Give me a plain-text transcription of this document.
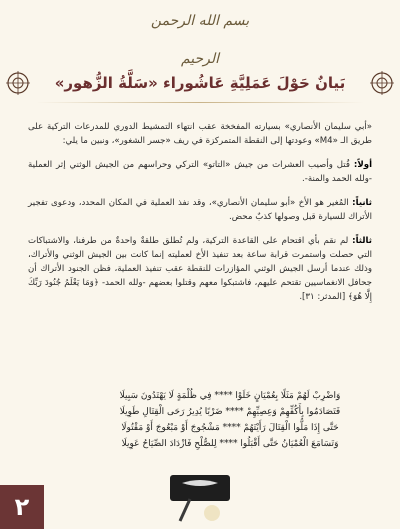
بسم الله الرحمن الرحيم
بَيانٌ حَوْلَ عَمَلِيَّةِ عَاشُوراء «سَلَّةُ الزُّهور»

«أبي سليمان الأنصاري» بسيارته المفخخة عقب انتهاء التمشيط الدوري للمدرعات التركية على طريق الـ «M4» وعودتها إلى النقطة المتمركزة في ريف «جسر الشغور»، ونبين ما يلي:

أولاً: قُتل وأصيب العشرات من جيش «التاتو» التركي وحراسهم من الجيش الوثني إثر العملية -ولله الحمد والمنة-.

ثانياً: المُغير هو الأخ «أبو سليمان الأنصاري»، وقد نفذ العملية في المكان المحدد، ودعوى تفجير الأتراك للسيارة قبل وصولها كذبٌ محض.

ثالثاً: لم نقم بأي اقتحام على القاعدة التركية، ولم تُطلق طلقةٌ واحدةٌ من طرفنا، والاشتباكات التي حصلت واستمرت قرابة ساعة بعد تنفيذ الأخ لعمليته إنما كانت بين الجيش الوثني والأتراك، وذلك عندما أرسل الجيش الوثني المؤازرات للنقطة عقب تنفيذ العملية، فظن الجنود الأتراك أن جحافل الانغماسيين تقتحم عليهم، فاشتبكوا معهم وقتلوا بعضهم -ولله الحمد- ﴿وَمَا يَعْلَمُ جُنُودَ رَبِّكَ إِلَّا هُوَ﴾ [المدثر: ٣١].

وَاضْرِبْ لَهُمْ مَثَلًا بِعُمْيَانٍ خَلَوْا **** فِي ظُلْمَةٍ لَا يَهْتَدُونَ سَبِيلَا
فَتَصَادَمُوا بِأَكُفِّهِمْ وَعِصِيِّهِمْ **** ضَرْبًا يُدِيرُ رَحَى الْقِتَالِ طَوِيلَا
حَتَّى إِذَا مَلُّوا الْقِتَالَ رَأَيْتَهُمْ **** مَشْجُوجَ أَوْ مَبْعُوجَ أَوْ مَقْتُولَا
وَتَسَامَعَ الْعُمْيَانُ حَتَّى أَقْبَلُوا **** لِلصُّلْحِ فَازْدَادَ الصِّيَاحُ عَوِيلَا
٢
